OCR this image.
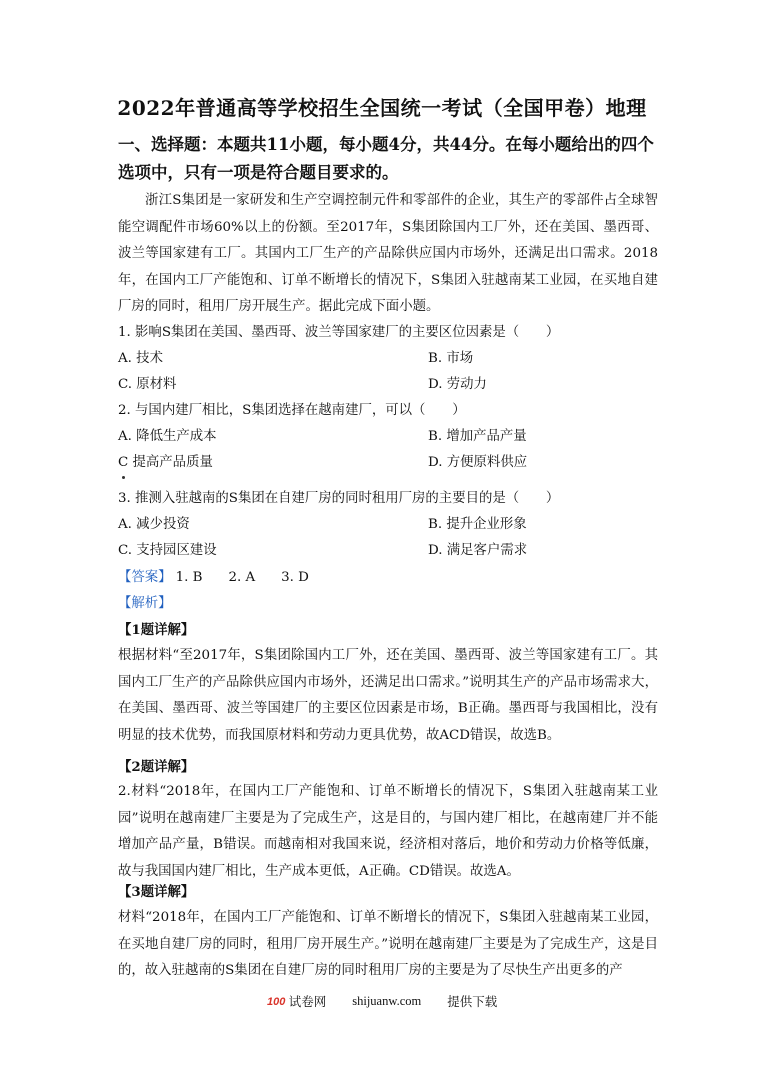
2022年普通高等学校招生全国统一考试（全国甲卷）地理
一、选择题：本题共11小题，每小题4分，共44分。在每小题给出的四个选项中，只有一项是符合题目要求的。

浙江S集团是一家研发和生产空调控制元件和零部件的企业，其生产的零部件占全球智能空调配件市场60%以上的份额。至2017年，S集团除国内工厂外，还在美国、墨西哥、波兰等国家建有工厂。其国内工厂生产的产品除供应国内市场外，还满足出口需求。2018年，在国内工厂产能饱和、订单不断增长的情况下，S集团入驻越南某工业园，在买地自建厂房的同时，租用厂房开展生产。据此完成下面小题。

1. 影响S集团在美国、墨西哥、波兰等国家建厂的主要区位因素是（　　）
A. 技术	B. 市场
C. 原材料	D. 劳动力
2. 与国内建厂相比，S集团选择在越南建厂，可以（　　）
A. 降低生产成本	B. 增加产品产量
C 提高产品质量	D. 方便原料供应
3. 推测入驻越南的S集团在自建厂房的同时租用厂房的主要目的是（　　）
A. 减少投资	B. 提升企业形象
C. 支持园区建设	D. 满足客户需求
【答案】 1. B 2. A 3. D
【解析】
【1题详解】
根据材料“至2017年，S集团除国内工厂外，还在美国、墨西哥、波兰等国家建有工厂。其国内工厂生产的产品除供应国内市场外，还满足出口需求。”说明其生产的产品市场需求大，在美国、墨西哥、波兰等国建厂的主要区位因素是市场，B正确。墨西哥与我国相比，没有明显的技术优势，而我国原材料和劳动力更具优势，故ACD错误，故选B。
【2题详解】
2.材料“2018年，在国内工厂产能饱和、订单不断增长的情况下，S集团入驻越南某工业园”说明在越南建厂主要是为了完成生产，这是目的，与国内建厂相比，在越南建厂并不能增加产品产量，B错误。而越南相对我国来说，经济相对落后，地价和劳动力价格等低廉，故与我国国内建厂相比，生产成本更低，A正确。CD错误。故选A。
【3题详解】
材料“2018年，在国内工厂产能饱和、订单不断增长的情况下，S集团入驻越南某工业园，在买地自建厂房的同时，租用厂房开展生产。”说明在越南建厂主要是为了完成生产，这是目的，故入驻越南的S集团在自建厂房的同时租用厂房的主要是为了尽快生产出更多的产
100 试卷网 shijuanw.com 提供下载
